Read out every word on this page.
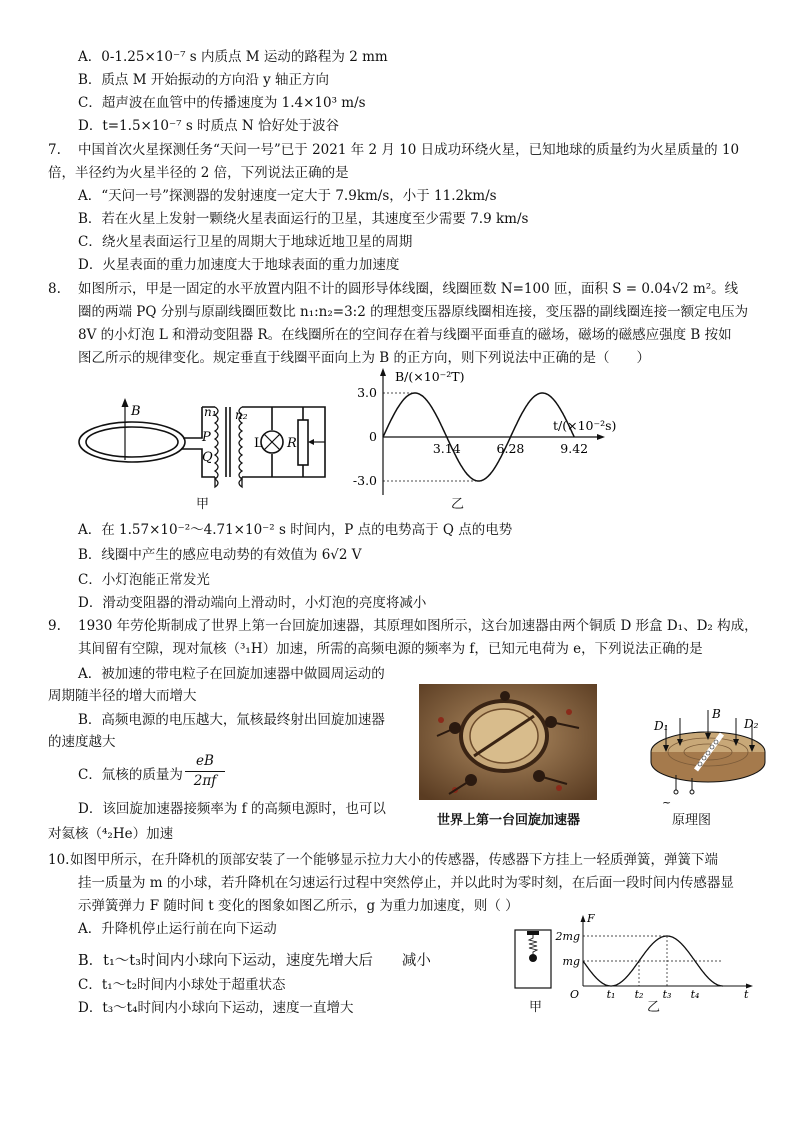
A．0-1.25×10⁻⁷ s 内质点 M 运动的路程为 2 mm
B．质点 M 开始振动的方向沿 y 轴正方向
C．超声波在血管中的传播速度为 1.4×10³ m/s
D．t=1.5×10⁻⁷ s 时质点 N 恰好处于波谷
7. 中国首次火星探测任务“天问一号”已于 2021 年 2 月 10 日成功环绕火星，已知地球的质量约为火星质量的 10
倍，半径约为火星半径的 2 倍，下列说法正确的是
A．“天问一号”探测器的发射速度一定大于 7.9km/s，小于 11.2km/s
B．若在火星上发射一颗绕火星表面运行的卫星，其速度至少需要 7.9 km/s
C．绕火星表面运行卫星的周期大于地球近地卫星的周期
D．火星表面的重力加速度大于地球表面的重力加速度
8. 如图所示，甲是一固定的水平放置内阻不计的圆形导体线圈，线圈匝数 N=100 匝，面积 S = 0.04√2 m²。线
圈的两端 PQ 分别与原副线圈匝数比 n₁:n₂=3:2 的理想变压器原线圈相连接，变压器的副线圈连接一额定电压为
8V 的小灯泡 L 和滑动变阻器 R。在线圈所在的空间存在着与线圈平面垂直的磁场，磁场的磁感应强度 B 按如
图乙所示的规律变化。规定垂直于线圈平面向上为 B 的正方向，则下列说法中正确的是（　　）
B	n₁ n₂
P
Q
L R
甲
3.0
0
-3.0
3.14	6.28	9.42
B/(×10⁻²T)
t/(×10⁻²s)
乙
A．在 1.57×10⁻²～4.71×10⁻² s 时间内，P 点的电势高于 Q 点的电势
B．线圈中产生的感应电动势的有效值为 6√2 V
C．小灯泡能正常发光
D．滑动变阻器的滑动端向上滑动时，小灯泡的亮度将减小
9. 1930 年劳伦斯制成了世界上第一台回旋加速器，其原理如图所示，这台加速器由两个铜质 D 形盒 D₁、D₂ 构成，
其间留有空隙，现对氚核（³₁H）加速，所需的高频电源的频率为 f，已知元电荷为 e，下列说法正确的是
A．被加速的带电粒子在回旋加速器中做圆周运动的
周期随半径的增大而增大
B．高频电源的电压越大，氚核最终射出回旋加速器
的速度越大
C．氚核的质量为 $\frac{eB}{2\pi f}$
D．该回旋加速器接频率为 f 的高频电源时，也可以
对氦核（⁴₂He）加速
世界上第一台回旋加速器
D₁	D₂
B
~
原理图
10. 如图甲所示，在升降机的顶部安装了一个能够显示拉力大小的传感器，传感器下方挂上一轻质弹簧，弹簧下端
挂一质量为 m 的小球，若升降机在匀速运行过程中突然停止，并以此时为零时刻，在后面一段时间内传感器显
示弹簧弹力 F 随时间 t 变化的图象如图乙所示，g 为重力加速度，则（ ）
A．升降机停止运行前在向下运动
B．t₁～t₃时间内小球向下运动，速度先增大后　　减小
C．t₁～t₂时间内小球处于超重状态
D．t₃～t₄时间内小球向下运动，速度一直增大	甲
2mg
mg
O	t₁ t₂ t₃ t₄
F
t
乙
